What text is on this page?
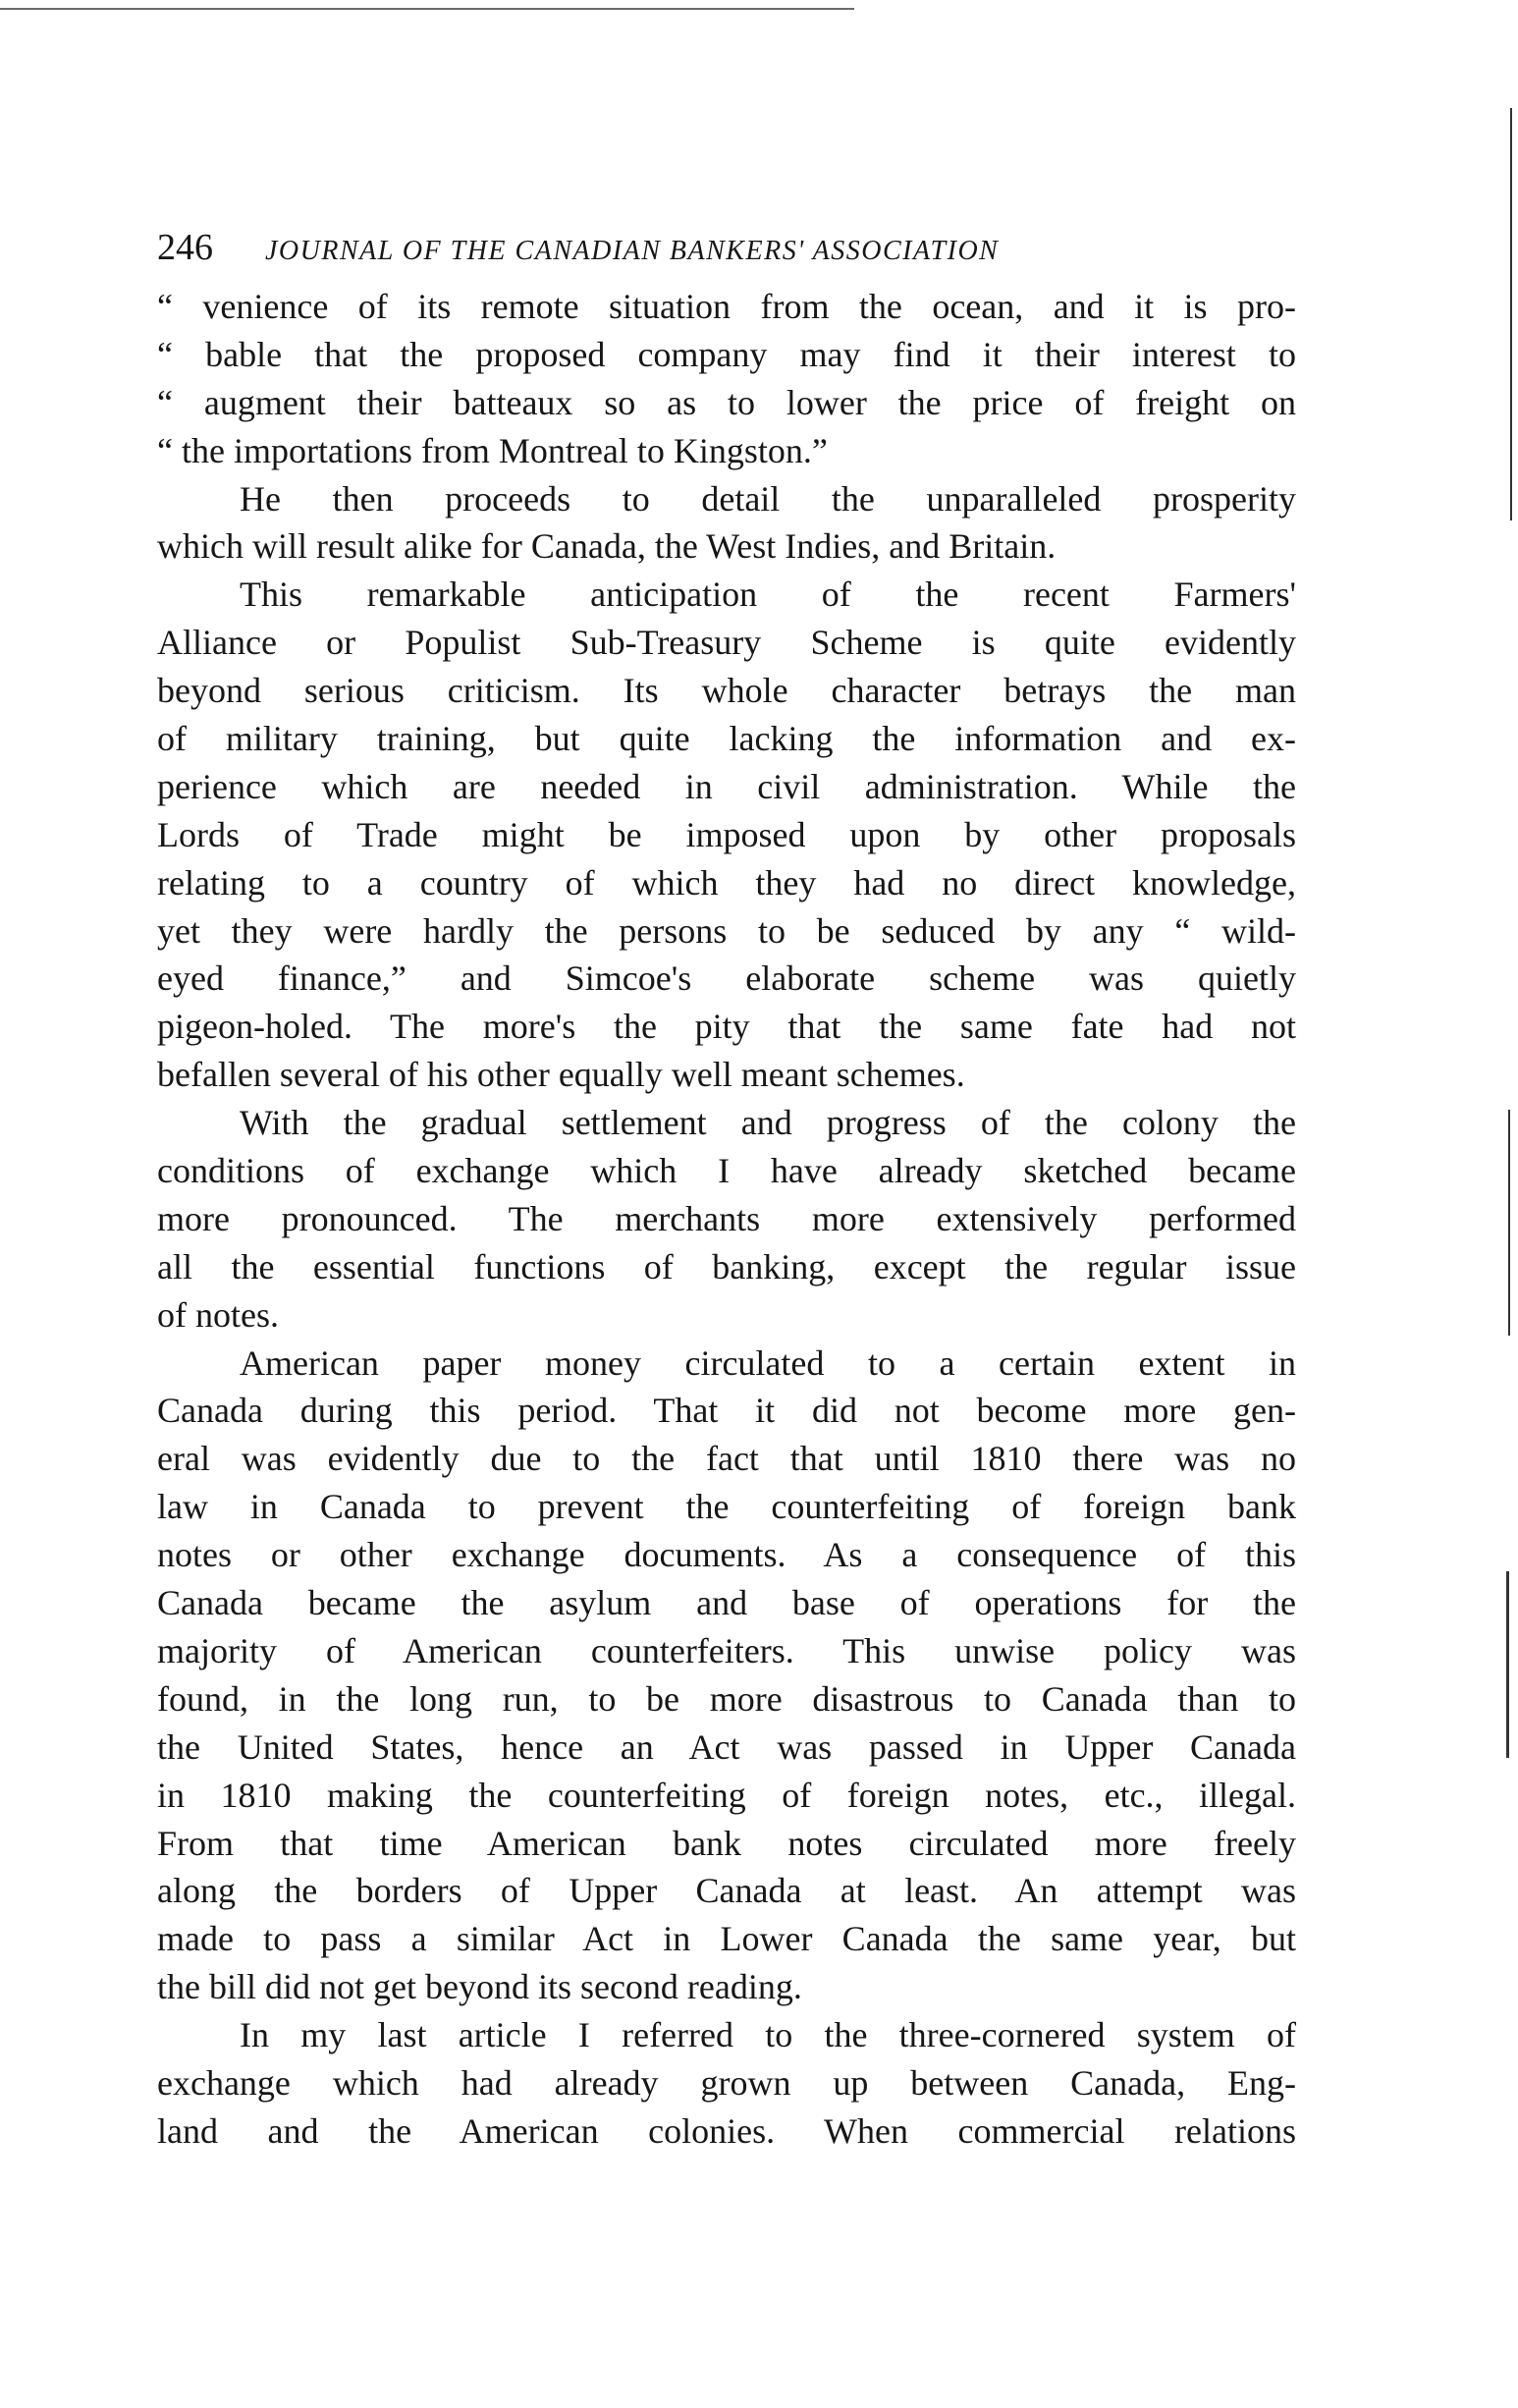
246	JOURNAL OF THE CANADIAN BANKERS' ASSOCIATION
“ venience of its remote situation from the ocean, and it is pro-
“ bable that the proposed company may find it their interest to
“ augment their batteaux so as to lower the price of freight on
“ the importations from Montreal to Kingston.”
He then proceeds to detail the unparalleled prosperity
which will result alike for Canada, the West Indies, and Britain.
This remarkable anticipation of the recent Farmers'
Alliance or Populist Sub-Treasury Scheme is quite evidently
beyond serious criticism. Its whole character betrays the man
of military training, but quite lacking the information and ex-
perience which are needed in civil administration. While the
Lords of Trade might be imposed upon by other proposals
relating to a country of which they had no direct knowledge,
yet they were hardly the persons to be seduced by any “ wild-
eyed finance,” and Simcoe's elaborate scheme was quietly
pigeon-holed. The more's the pity that the same fate had not
befallen several of his other equally well meant schemes.
With the gradual settlement and progress of the colony the
conditions of exchange which I have already sketched became
more pronounced. The merchants more extensively performed
all the essential functions of banking, except the regular issue
of notes.
American paper money circulated to a certain extent in
Canada during this period. That it did not become more gen-
eral was evidently due to the fact that until 1810 there was no
law in Canada to prevent the counterfeiting of foreign bank
notes or other exchange documents. As a consequence of this
Canada became the asylum and base of operations for the
majority of American counterfeiters. This unwise policy was
found, in the long run, to be more disastrous to Canada than to
the United States, hence an Act was passed in Upper Canada
in 1810 making the counterfeiting of foreign notes, etc., illegal.
From that time American bank notes circulated more freely
along the borders of Upper Canada at least. An attempt was
made to pass a similar Act in Lower Canada the same year, but
the bill did not get beyond its second reading.
In my last article I referred to the three-cornered system of
exchange which had already grown up between Canada, Eng-
land and the American colonies. When commercial relations
